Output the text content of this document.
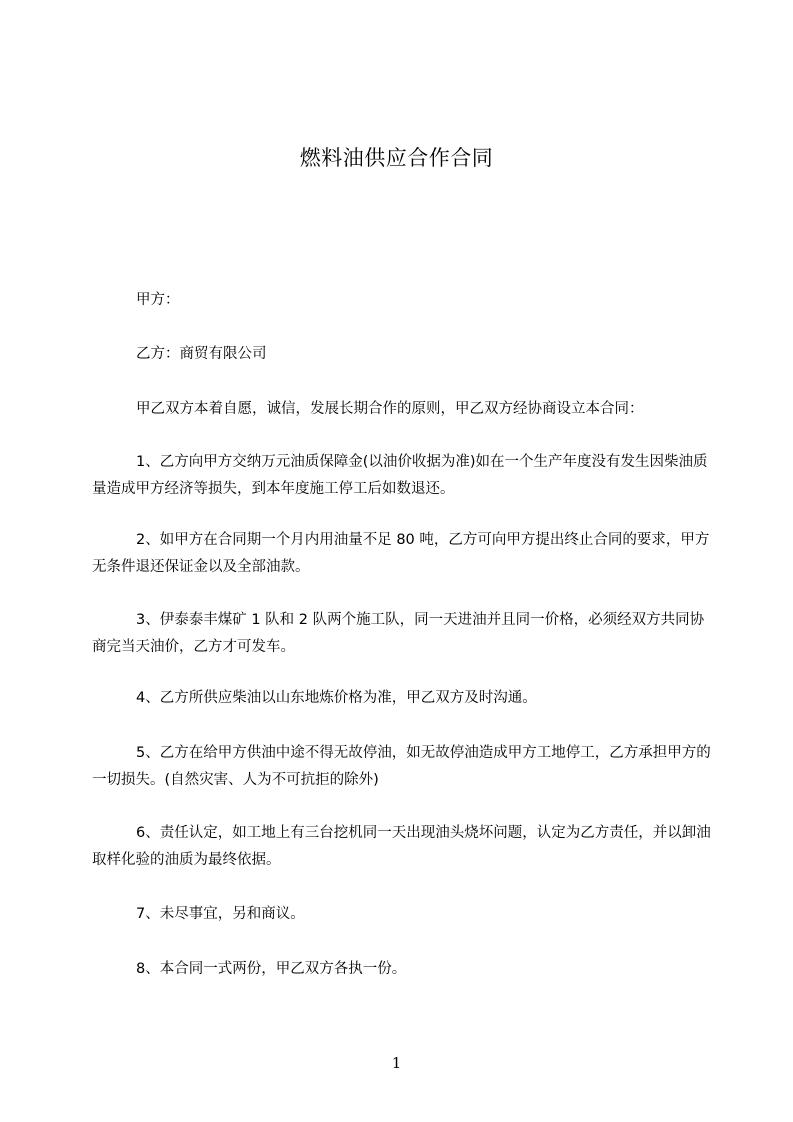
燃料油供应合作合同
甲方：
乙方：商贸有限公司
甲乙双方本着自愿，诚信，发展长期合作的原则，甲乙双方经协商设立本合同：
1、乙方向甲方交纳万元油质保障金(以油价收据为准)如在一个生产年度没有发生因柴油质量造成甲方经济等损失，到本年度施工停工后如数退还。
2、如甲方在合同期一个月内用油量不足 80 吨，乙方可向甲方提出终止合同的要求，甲方无条件退还保证金以及全部油款。
3、伊泰泰丰煤矿 1 队和 2 队两个施工队，同一天进油并且同一价格，必须经双方共同协商完当天油价，乙方才可发车。
4、乙方所供应柴油以山东地炼价格为准，甲乙双方及时沟通。
5、乙方在给甲方供油中途不得无故停油，如无故停油造成甲方工地停工，乙方承担甲方的一切损失。(自然灾害、人为不可抗拒的除外)
6、责任认定，如工地上有三台挖机同一天出现油头烧坏问题，认定为乙方责任，并以卸油取样化验的油质为最终依据。
7、未尽事宜，另和商议。
8、本合同一式两份，甲乙双方各执一份。
1
